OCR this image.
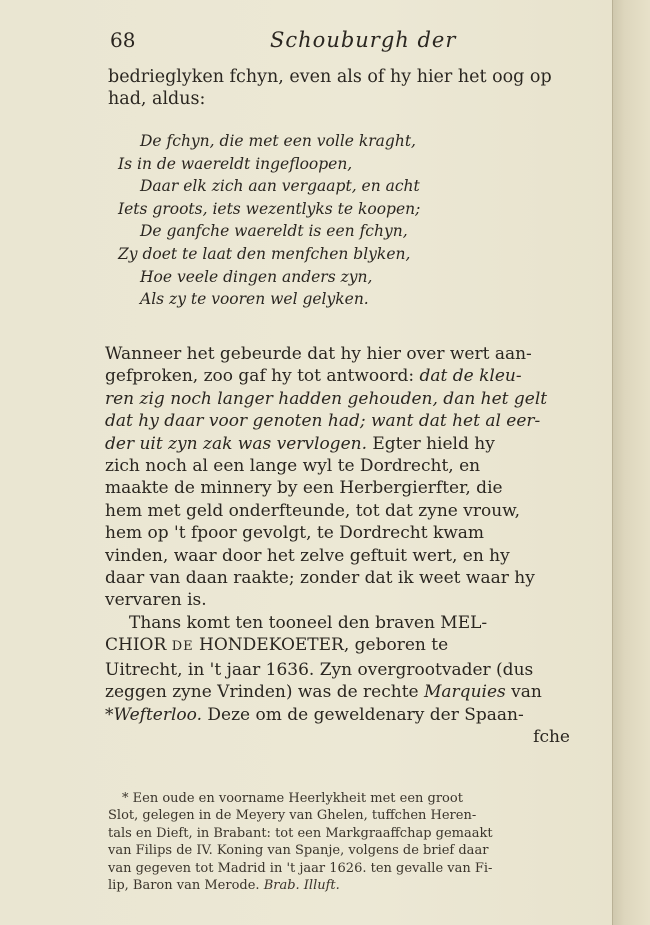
68	Schouburgh der
bedrieglyken fchyn, even als of hy hier het oog op
had, aldus:
De fchyn, die met een volle kraght,
Is in de waereldt ingefloopen,
Daar elk zich aan vergaapt, en acht
Iets groots, iets wezentlyks te koopen;
De ganfche waereldt is een fchyn,
Zy doet te laat den menfchen blyken,
Hoe veele dingen anders zyn,
Als zy te vooren wel gelyken.
Wanneer het gebeurde dat hy hier over wert aan-
gefproken, zoo gaf hy tot antwoord: dat de kleu-
ren zig noch langer hadden gehouden, dan het gelt
dat hy daar voor genoten had; want dat het al eer-
der uit zyn zak was vervlogen. Egter hield hy
zich noch al een lange wyl te Dordrecht, en
maakte de minnery by een Herbergierfter, die
hem met geld onderfteunde, tot dat zyne vrouw,
hem op 't fpoor gevolgt, te Dordrecht kwam
vinden, waar door het zelve geftuit wert, en hy
daar van daan raakte; zonder dat ik weet waar hy
vervaren is.
Thans komt ten tooneel den braven MEL-
CHIOR DE HONDEKOETER, geboren te
Uitrecht, in 't jaar 1636. Zyn overgrootvader (dus
zeggen zyne Vrinden) was de rechte Marquies van
*Wefterloo. Deze om de geweldenary der Spaan-
fche
* Een oude en voorname Heerlykheit met een groot
Slot, gelegen in de Meyery van Ghelen, tuffchen Heren-
tals en Dieft, in Brabant: tot een Markgraaffchap gemaakt
van Filips de IV. Koning van Spanje, volgens de brief daar
van gegeven tot Madrid in 't jaar 1626. ten gevalle van Fi-
lip, Baron van Merode. Brab. Illuft.
